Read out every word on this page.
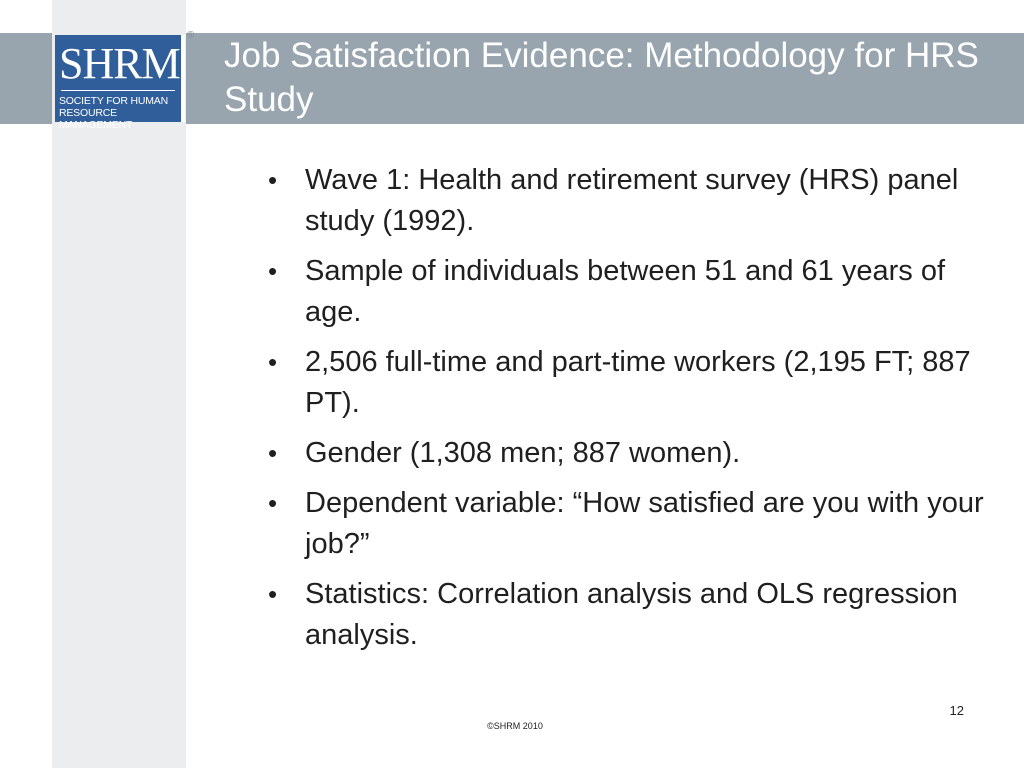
SHRM
SOCIETY FOR HUMAN
RESOURCE MANAGEMENT
®
Job Satisfaction Evidence: Methodology for HRS Study
• Wave 1: Health and retirement survey (HRS) panel study (1992).
• Sample of individuals between 51 and 61 years of age.
• 2,506 full-time and part-time workers (2,195 FT; 887 PT).
• Gender (1,308 men; 887 women).
• Dependent variable: “How satisfied are you with your job?”
• Statistics: Correlation analysis and OLS regression analysis.
12
©SHRM 2010
